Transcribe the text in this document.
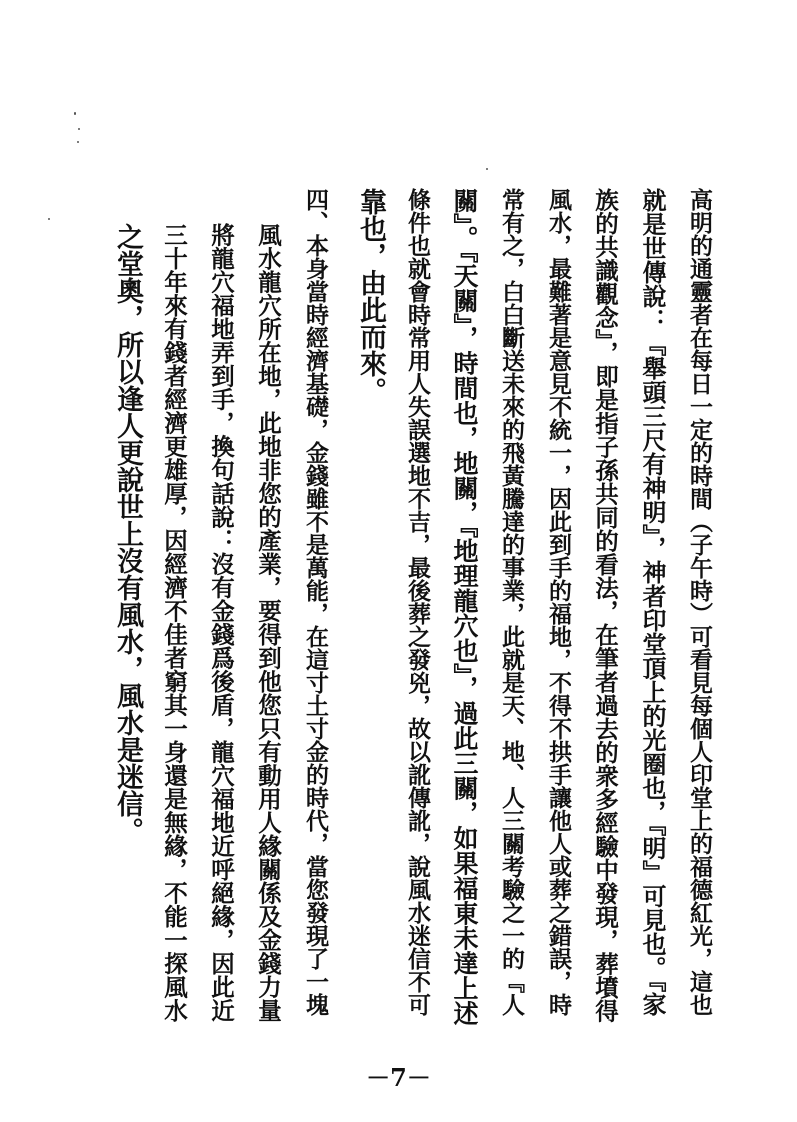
高明的通靈者在每日一定的時間（子午時）可看見每個人印堂上的福德紅光，這也
就是世傳說：『舉頭三尺有神明』，神者印堂頂上的光圈也，『明』可見也。『家
族的共識觀念』，即是指子孫共同的看法，在筆者過去的衆多經驗中發現，葬墳得
風水，最難著是意見不統一，因此到手的福地，不得不拱手讓他人或葬之錯誤，時
常有之，白白斷送未來的飛黃騰達的事業，此就是天、地、人三關考驗之一的『人
關』。『天關』，時間也，地關，『地理龍穴也』，過此三關，如果福東未達上述
條件也就會時常用人失誤選地不吉，最後葬之發兇，故以訛傳訛，說風水迷信不可
靠也，由此而來。
四、本身當時經濟基礎，金錢雖不是萬能，在這寸土寸金的時代，當您發現了一塊
風水龍穴所在地，此地非您的產業，要得到他您只有動用人緣關係及金錢力量
將龍穴福地弄到手，換句話說：沒有金錢爲後盾，龍穴福地近呼絕緣，因此近
三十年來有錢者經濟更雄厚，因經濟不佳者窮其一身還是無緣，不能一探風水
之堂奧，所以逢人更說世上沒有風水，風水是迷信。
－7－
